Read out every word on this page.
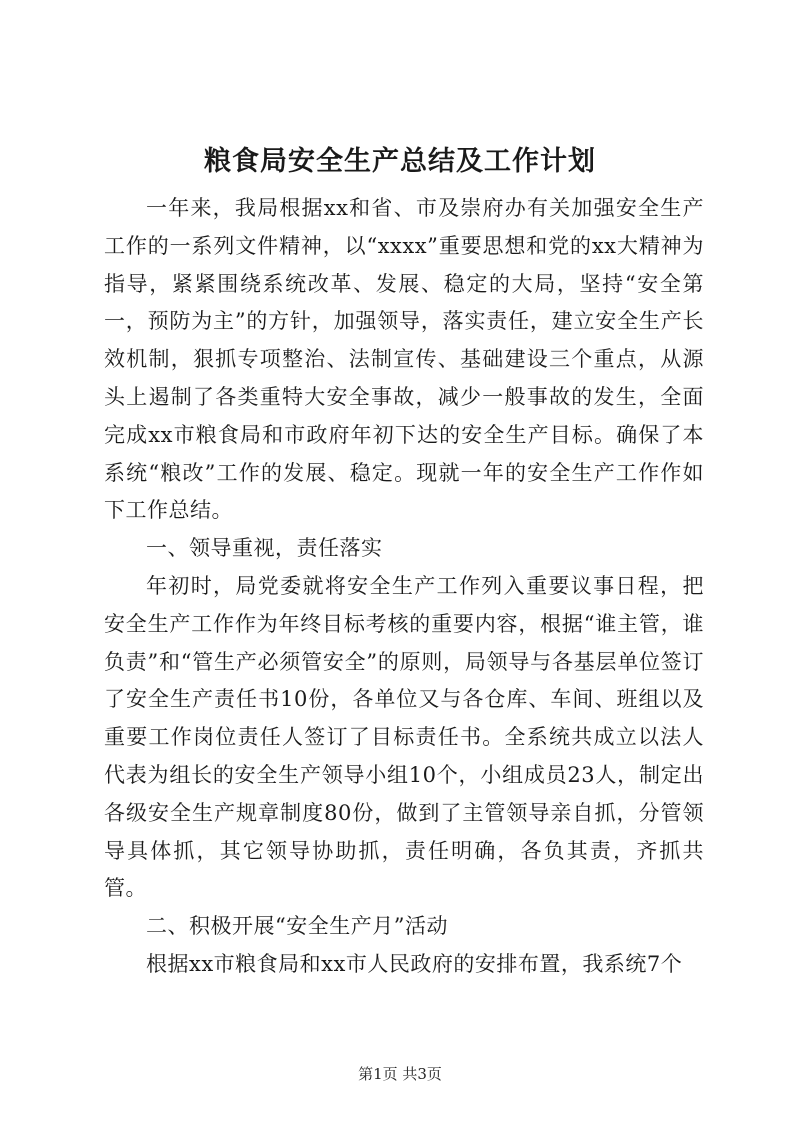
粮食局安全生产总结及工作计划

一年来，我局根据xx和省、市及崇府办有关加强安全生产工作的一系列文件精神，以“xxxx”重要思想和党的xx大精神为指导，紧紧围绕系统改革、发展、稳定的大局，坚持“安全第一，预防为主”的方针，加强领导，落实责任，建立安全生产长效机制，狠抓专项整治、法制宣传、基础建设三个重点，从源头上遏制了各类重特大安全事故，减少一般事故的发生，全面完成xx市粮食局和市政府年初下达的安全生产目标。确保了本系统“粮改”工作的发展、稳定。现就一年的安全生产工作作如下工作总结。

一、领导重视，责任落实

年初时，局党委就将安全生产工作列入重要议事日程，把安全生产工作作为年终目标考核的重要内容，根据“谁主管，谁负责”和“管生产必须管安全”的原则，局领导与各基层单位签订了安全生产责任书10份，各单位又与各仓库、车间、班组以及重要工作岗位责任人签订了目标责任书。全系统共成立以法人代表为组长的安全生产领导小组10个，小组成员23人，制定出各级安全生产规章制度80份，做到了主管领导亲自抓，分管领导具体抓，其它领导协助抓，责任明确，各负其责，齐抓共管。

二、积极开展“安全生产月”活动

根据xx市粮食局和xx市人民政府的安排布置，我系统7个

第1页 共3页
